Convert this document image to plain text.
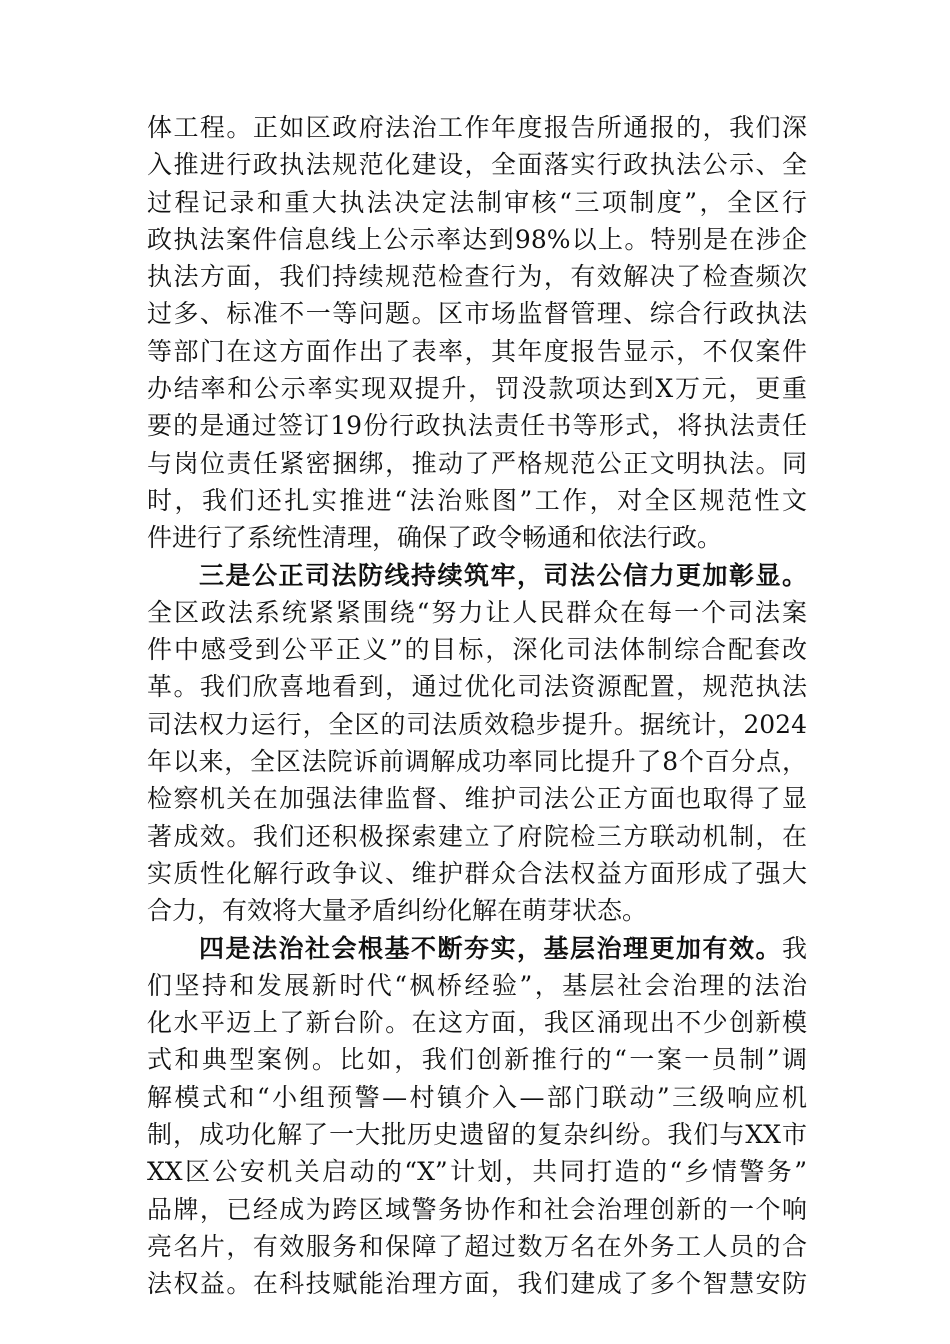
体工程。正如区政府法治工作年度报告所通报的，我们深
入推进行政执法规范化建设，全面落实行政执法公示、全
过程记录和重大执法决定法制审核“三项制度”，全区行
政执法案件信息线上公示率达到98%以上。特别是在涉企
执法方面，我们持续规范检查行为，有效解决了检查频次
过多、标准不一等问题。区市场监督管理、综合行政执法
等部门在这方面作出了表率，其年度报告显示，不仅案件
办结率和公示率实现双提升，罚没款项达到X万元，更重
要的是通过签订19份行政执法责任书等形式，将执法责任
与岗位责任紧密捆绑，推动了严格规范公正文明执法。同
时，我们还扎实推进“法治账图”工作，对全区规范性文
件进行了系统性清理，确保了政令畅通和依法行政。
三是公正司法防线持续筑牢，司法公信力更加彰显。
全区政法系统紧紧围绕“努力让人民群众在每一个司法案
件中感受到公平正义”的目标，深化司法体制综合配套改
革。我们欣喜地看到，通过优化司法资源配置，规范执法
司法权力运行，全区的司法质效稳步提升。据统计，2024
年以来，全区法院诉前调解成功率同比提升了8个百分点，
检察机关在加强法律监督、维护司法公正方面也取得了显
著成效。我们还积极探索建立了府院检三方联动机制，在
实质性化解行政争议、维护群众合法权益方面形成了强大
合力，有效将大量矛盾纠纷化解在萌芽状态。
四是法治社会根基不断夯实，基层治理更加有效。我
们坚持和发展新时代“枫桥经验”，基层社会治理的法治
化水平迈上了新台阶。在这方面，我区涌现出不少创新模
式和典型案例。比如，我们创新推行的“一案一员制”调
解模式和“小组预警—村镇介入—部门联动”三级响应机
制，成功化解了一大批历史遗留的复杂纠纷。我们与XX市
XX区公安机关启动的“X”计划，共同打造的“乡情警务”
品牌，已经成为跨区域警务协作和社会治理创新的一个响
亮名片，有效服务和保障了超过数万名在外务工人员的合
法权益。在科技赋能治理方面，我们建成了多个智慧安防
